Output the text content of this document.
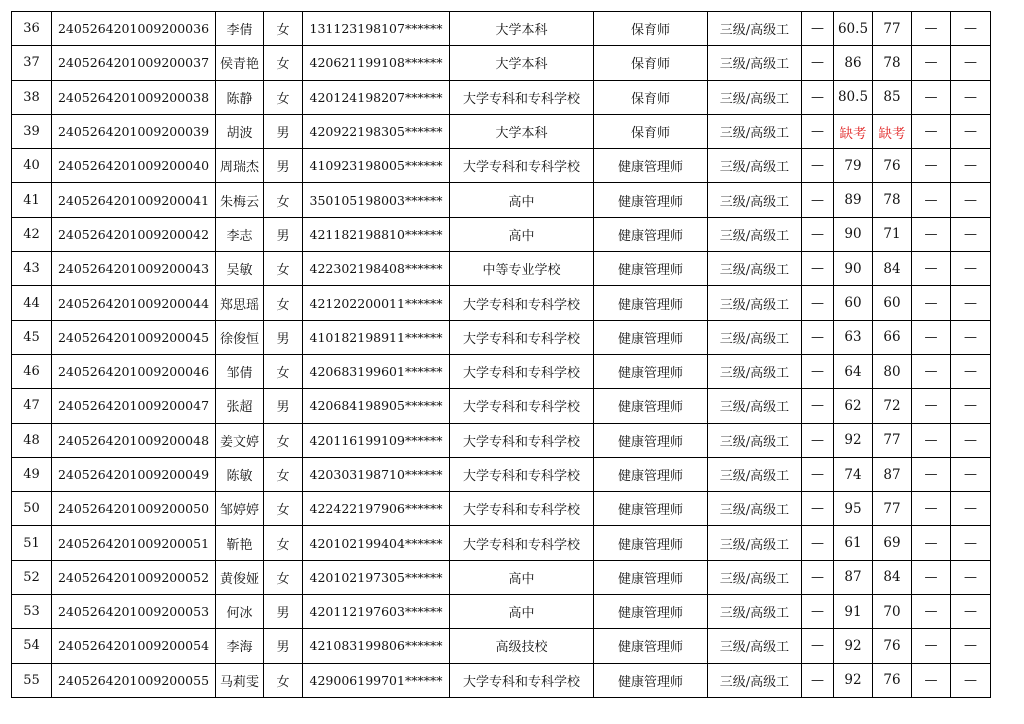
36	2405264201009200036	李倩	女	131123198107******	大学本科	保育师	三级/高级工	—	60.5	77	—	—
37	2405264201009200037	侯青艳	女	420621199108******	大学本科	保育师	三级/高级工	—	86	78	—	—
38	2405264201009200038	陈静	女	420124198207******	大学专科和专科学校	保育师	三级/高级工	—	80.5	85	—	—
39	2405264201009200039	胡波	男	420922198305******	大学本科	保育师	三级/高级工	—	缺考	缺考	—	—
40	2405264201009200040	周瑞杰	男	410923198005******	大学专科和专科学校	健康管理师	三级/高级工	—	79	76	—	—
41	2405264201009200041	朱梅云	女	350105198003******	高中	健康管理师	三级/高级工	—	89	78	—	—
42	2405264201009200042	李志	男	421182198810******	高中	健康管理师	三级/高级工	—	90	71	—	—
43	2405264201009200043	吴敏	女	422302198408******	中等专业学校	健康管理师	三级/高级工	—	90	84	—	—
44	2405264201009200044	郑思瑶	女	421202200011******	大学专科和专科学校	健康管理师	三级/高级工	—	60	60	—	—
45	2405264201009200045	徐俊恒	男	410182198911******	大学专科和专科学校	健康管理师	三级/高级工	—	63	66	—	—
46	2405264201009200046	邹倩	女	420683199601******	大学专科和专科学校	健康管理师	三级/高级工	—	64	80	—	—
47	2405264201009200047	张超	男	420684198905******	大学专科和专科学校	健康管理师	三级/高级工	—	62	72	—	—
48	2405264201009200048	姜文婷	女	420116199109******	大学专科和专科学校	健康管理师	三级/高级工	—	92	77	—	—
49	2405264201009200049	陈敏	女	420303198710******	大学专科和专科学校	健康管理师	三级/高级工	—	74	87	—	—
50	2405264201009200050	邹婷婷	女	422422197906******	大学专科和专科学校	健康管理师	三级/高级工	—	95	77	—	—
51	2405264201009200051	靳艳	女	420102199404******	大学专科和专科学校	健康管理师	三级/高级工	—	61	69	—	—
52	2405264201009200052	黄俊娅	女	420102197305******	高中	健康管理师	三级/高级工	—	87	84	—	—
53	2405264201009200053	何冰	男	420112197603******	高中	健康管理师	三级/高级工	—	91	70	—	—
54	2405264201009200054	李海	男	421083199806******	高级技校	健康管理师	三级/高级工	—	92	76	—	—
55	2405264201009200055	马莉雯	女	429006199701******	大学专科和专科学校	健康管理师	三级/高级工	—	92	76	—	—
